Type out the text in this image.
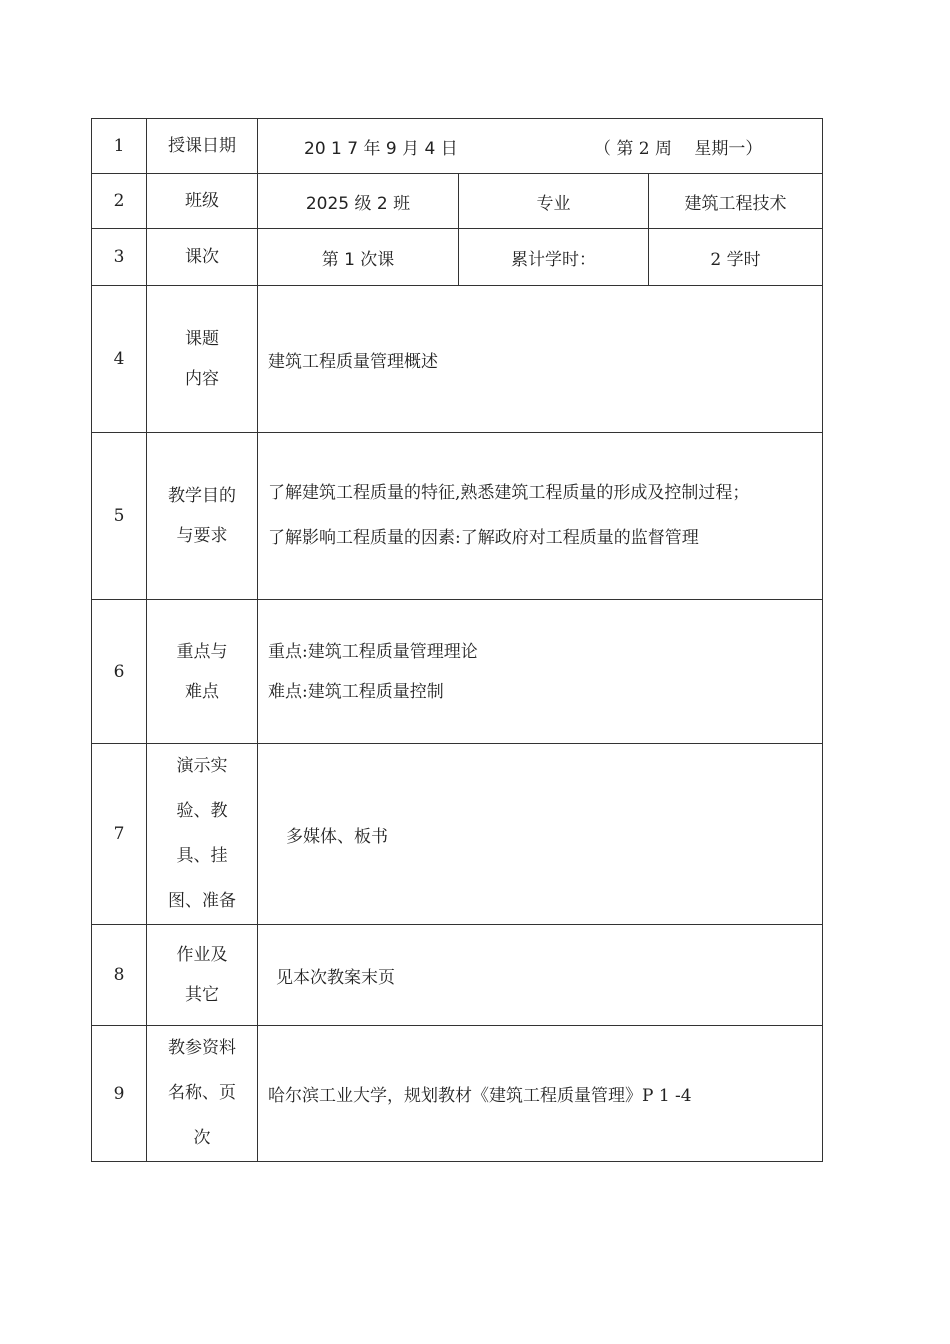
1	授课日期	20 1 7 年 9 月 4 日 （ 第 2 周 　星期一）		
2	班级	2025 级 2 班	专业	建筑工程技术
3	课次	第 1 次课	累计学时：	2 学时
4	课题
内容	建筑工程质量管理概述		

5	教学目的
与要求	了解建筑工程质量的特征,熟悉建筑工程质量的形成及控制过程；
了解影响工程质量的因素:了解政府对工程质量的监督管理		

6	重点与
难点	重点:建筑工程质量管理理论
难点:建筑工程质量控制		

7	演示实
验、教
具、挂
图、准备	多媒体、板书		

8	作业及
其它	见本次教案末页		

9	教参资料
名称、页
次	哈尔滨工业大学，规划教材《建筑工程质量管理》P 1 -4		
